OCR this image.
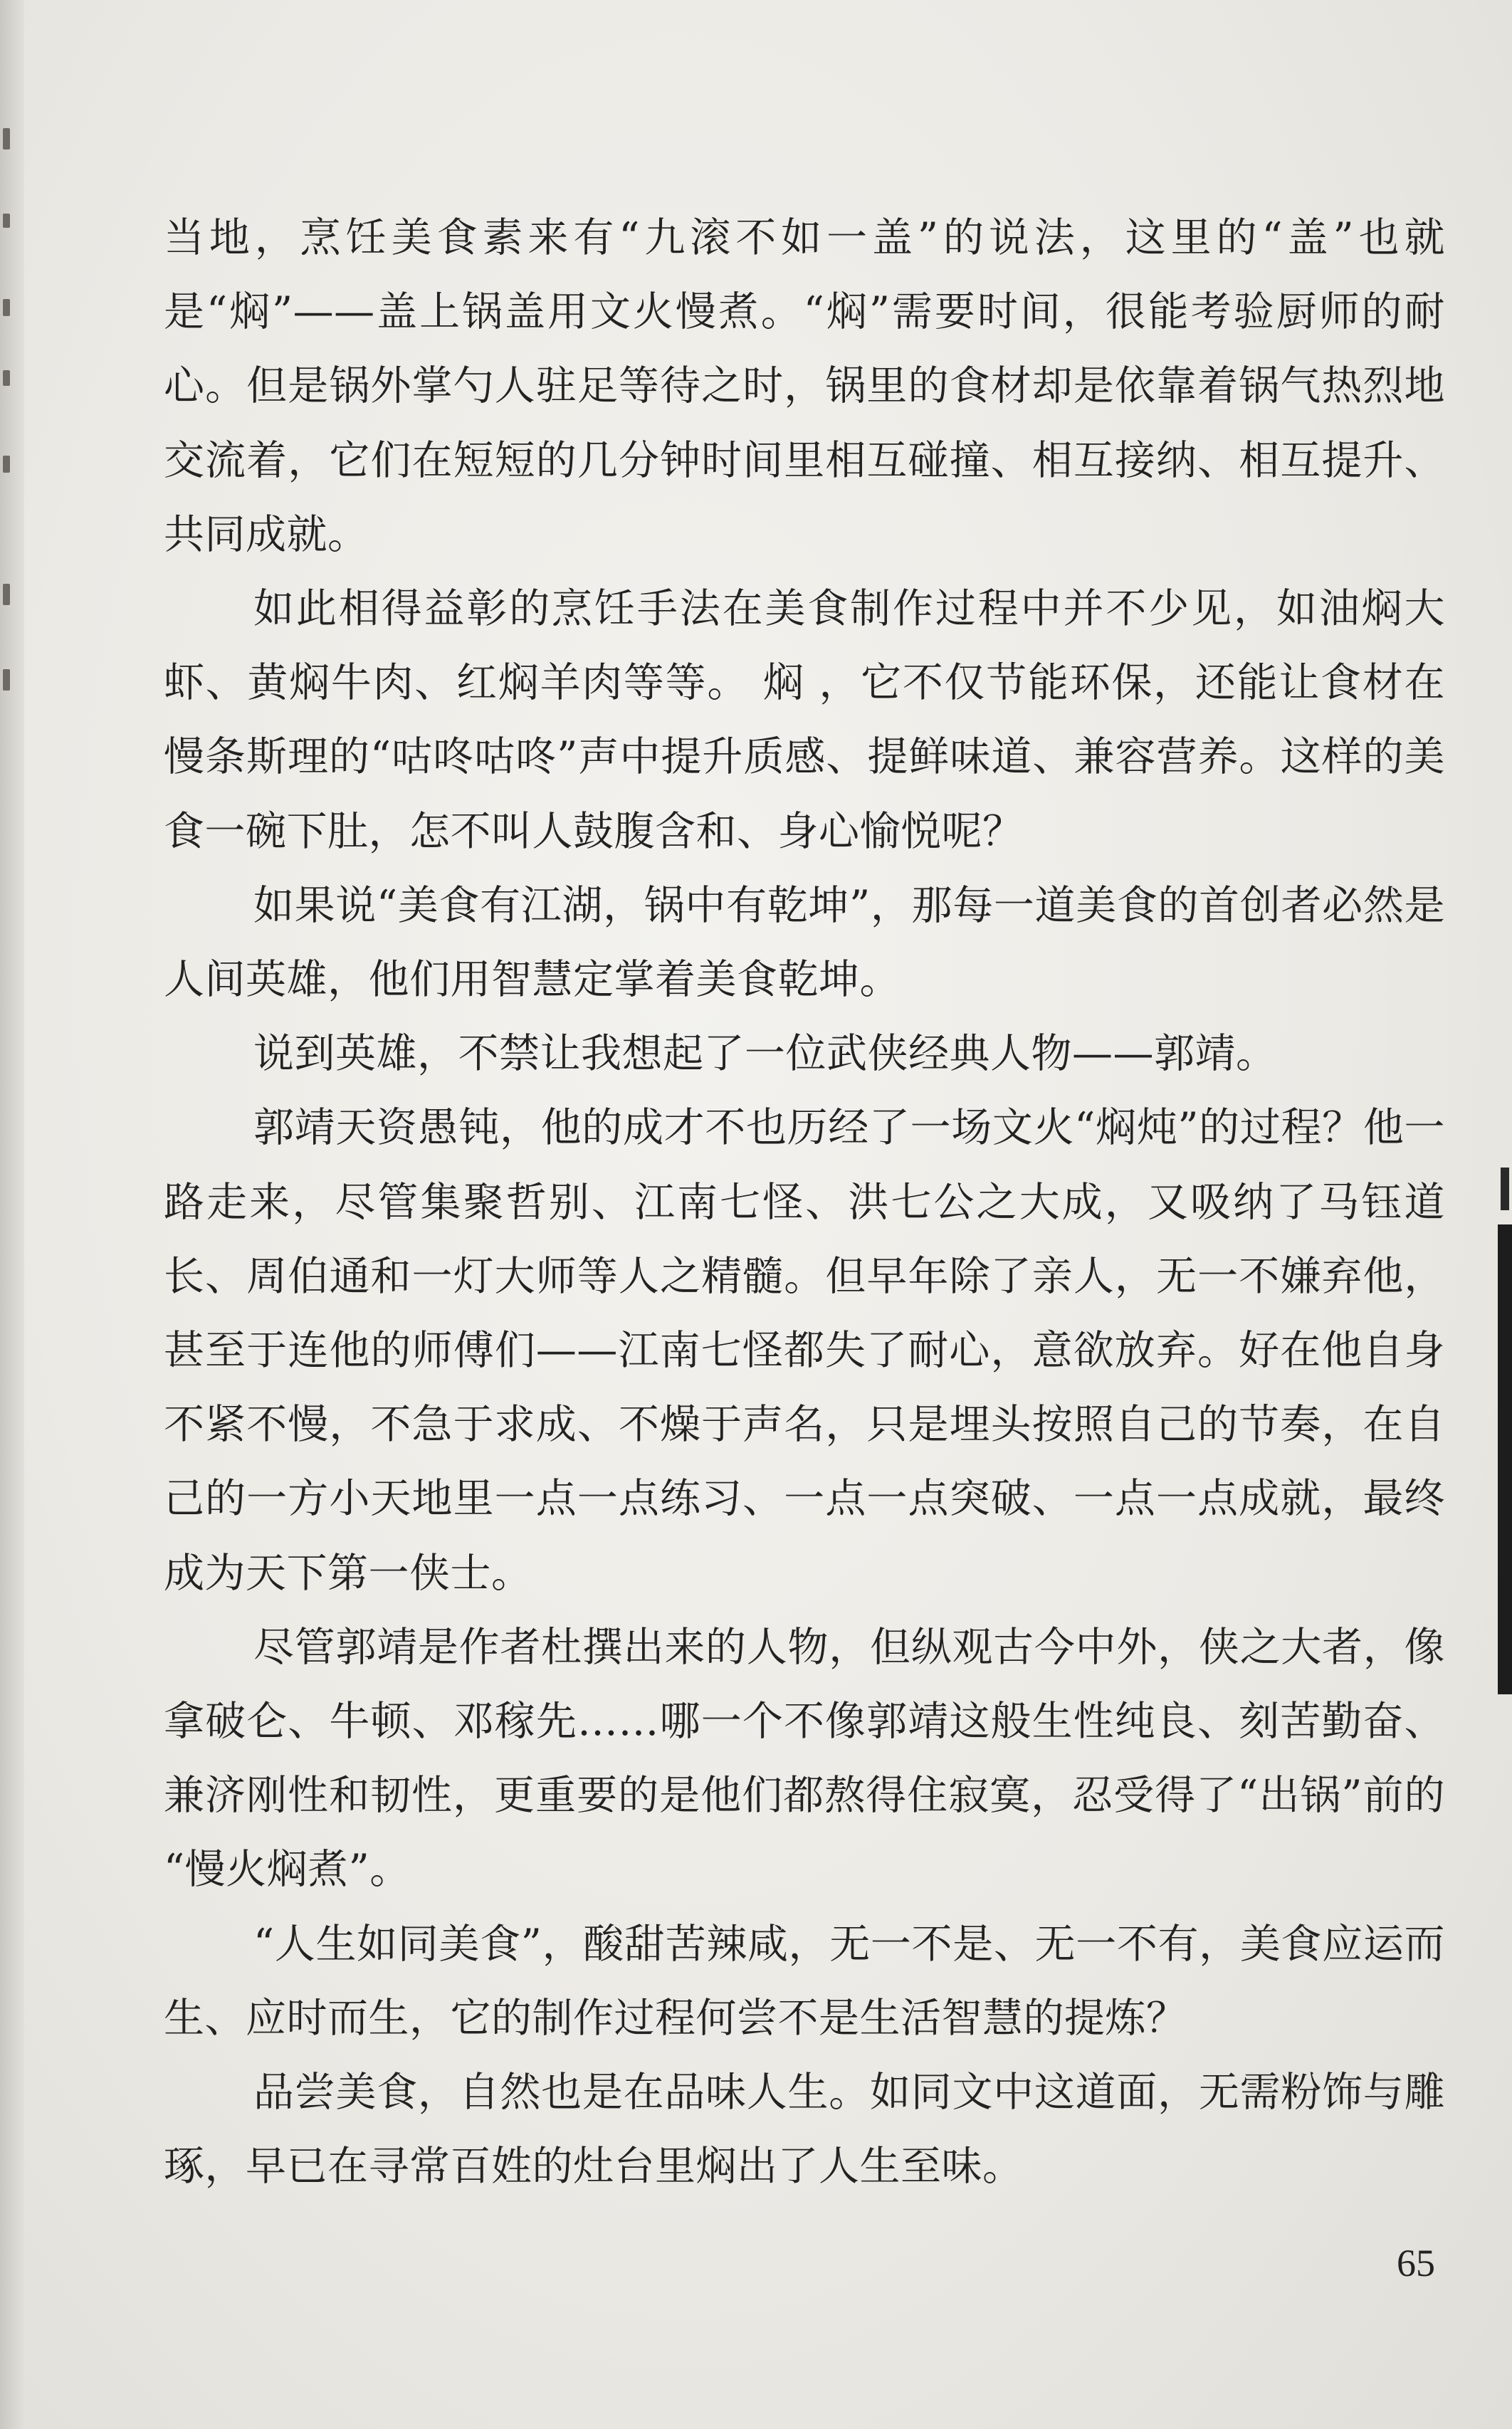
当地，烹饪美食素来有“九滚不如一盖”的说法，这里的“盖”也就是“焖”——盖上锅盖用文火慢煮。“焖”需要时间，很能考验厨师的耐心。但是锅外掌勺人驻足等待之时，锅里的食材却是依靠着锅气热烈地交流着，它们在短短的几分钟时间里相互碰撞、相互接纳、相互提升、共同成就。

如此相得益彰的烹饪手法在美食制作过程中并不少见，如油焖大虾、黄焖牛肉、红焖羊肉等等。 焖 ，它不仅节能环保，还能让食材在慢条斯理的“咕咚咕咚”声中提升质感、提鲜味道、兼容营养。这样的美食一碗下肚，怎不叫人鼓腹含和、身心愉悦呢？

如果说“美食有江湖，锅中有乾坤”，那每一道美食的首创者必然是人间英雄，他们用智慧定掌着美食乾坤。

说到英雄，不禁让我想起了一位武侠经典人物——郭靖。

郭靖天资愚钝，他的成才不也历经了一场文火“焖炖”的过程？他一路走来，尽管集聚哲别、江南七怪、洪七公之大成，又吸纳了马钰道长、周伯通和一灯大师等人之精髓。但早年除了亲人，无一不嫌弃他，甚至于连他的师傅们——江南七怪都失了耐心，意欲放弃。好在他自身不紧不慢，不急于求成、不燥于声名，只是埋头按照自己的节奏，在自己的一方小天地里一点一点练习、一点一点突破、一点一点成就，最终成为天下第一侠士。

尽管郭靖是作者杜撰出来的人物，但纵观古今中外，侠之大者，像拿破仑、牛顿、邓稼先……哪一个不像郭靖这般生性纯良、刻苦勤奋、兼济刚性和韧性，更重要的是他们都熬得住寂寞，忍受得了“出锅”前的 “慢火焖煮”。

“人生如同美食”，酸甜苦辣咸，无一不是、无一不有，美食应运而生、应时而生，它的制作过程何尝不是生活智慧的提炼？

品尝美食，自然也是在品味人生。如同文中这道面，无需粉饰与雕琢，早已在寻常百姓的灶台里焖出了人生至味。

65
